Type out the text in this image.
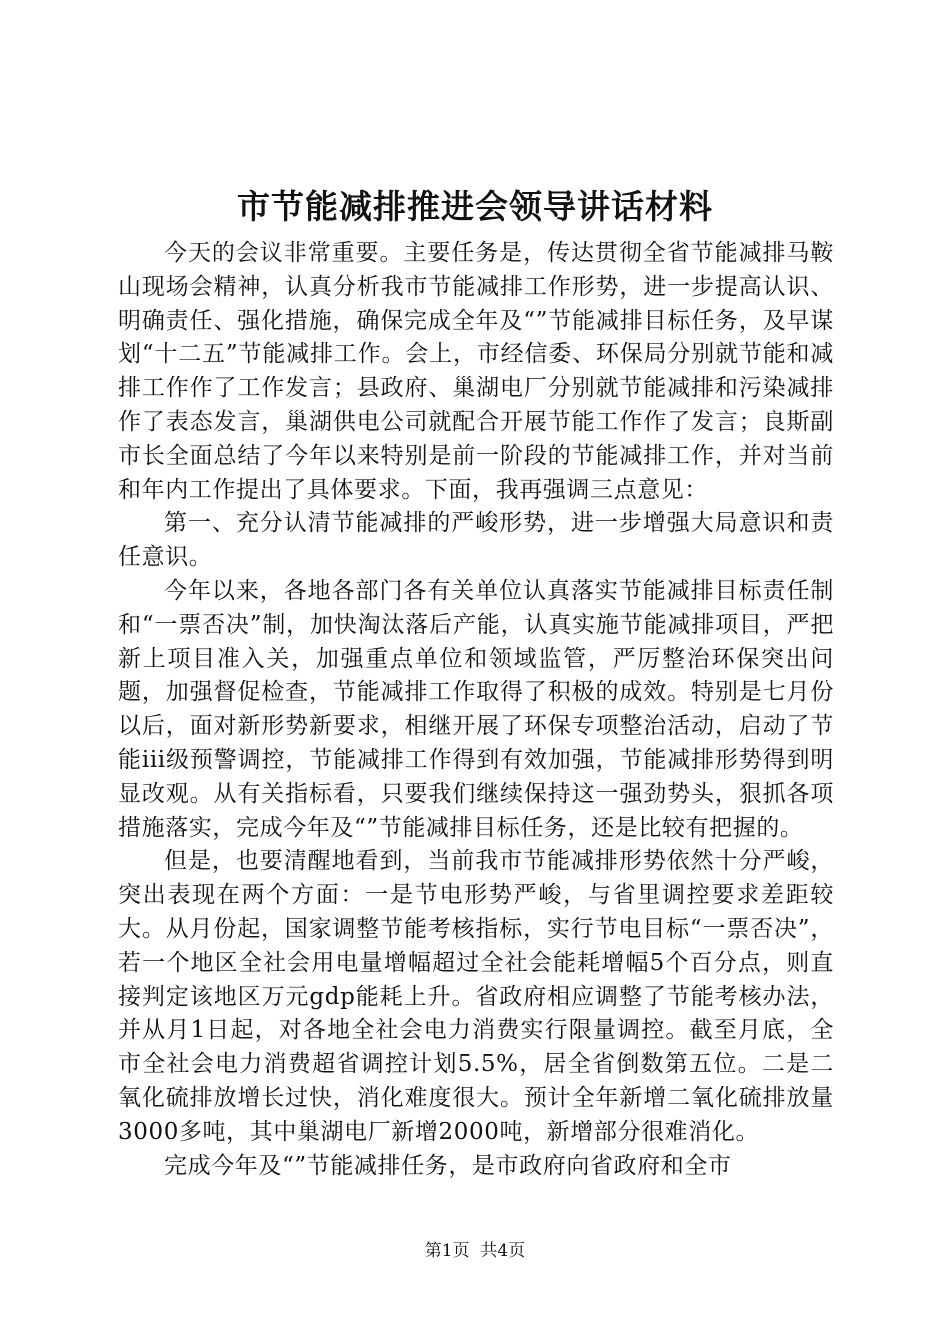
市节能减排推进会领导讲话材料

今天的会议非常重要。主要任务是，传达贯彻全省节能减排马鞍山现场会精神，认真分析我市节能减排工作形势，进一步提高认识、明确责任、强化措施，确保完成全年及“”节能减排目标任务，及早谋划“十二五”节能减排工作。会上，市经信委、环保局分别就节能和减排工作作了工作发言；县政府、巢湖电厂分别就节能减排和污染减排作了表态发言，巢湖供电公司就配合开展节能工作作了发言；良斯副市长全面总结了今年以来特别是前一阶段的节能减排工作，并对当前和年内工作提出了具体要求。下面，我再强调三点意见：

第一、充分认清节能减排的严峻形势，进一步增强大局意识和责任意识。

今年以来，各地各部门各有关单位认真落实节能减排目标责任制和“一票否决”制，加快淘汰落后产能，认真实施节能减排项目，严把新上项目准入关，加强重点单位和领域监管，严厉整治环保突出问题，加强督促检查，节能减排工作取得了积极的成效。特别是七月份以后，面对新形势新要求，相继开展了环保专项整治活动，启动了节能iii级预警调控，节能减排工作得到有效加强，节能减排形势得到明显改观。从有关指标看，只要我们继续保持这一强劲势头，狠抓各项措施落实，完成今年及“”节能减排目标任务，还是比较有把握的。

但是，也要清醒地看到，当前我市节能减排形势依然十分严峻，突出表现在两个方面：一是节电形势严峻，与省里调控要求差距较大。从月份起，国家调整节能考核指标，实行节电目标“一票否决”，若一个地区全社会用电量增幅超过全社会能耗增幅5个百分点，则直接判定该地区万元gdp能耗上升。省政府相应调整了节能考核办法，并从月1日起，对各地全社会电力消费实行限量调控。截至月底，全市全社会电力消费超省调控计划5.5%，居全省倒数第五位。二是二氧化硫排放增长过快，消化难度很大。预计全年新增二氧化硫排放量3000多吨，其中巢湖电厂新增2000吨，新增部分很难消化。

完成今年及“”节能减排任务，是市政府向省政府和全市

第1页 共4页
